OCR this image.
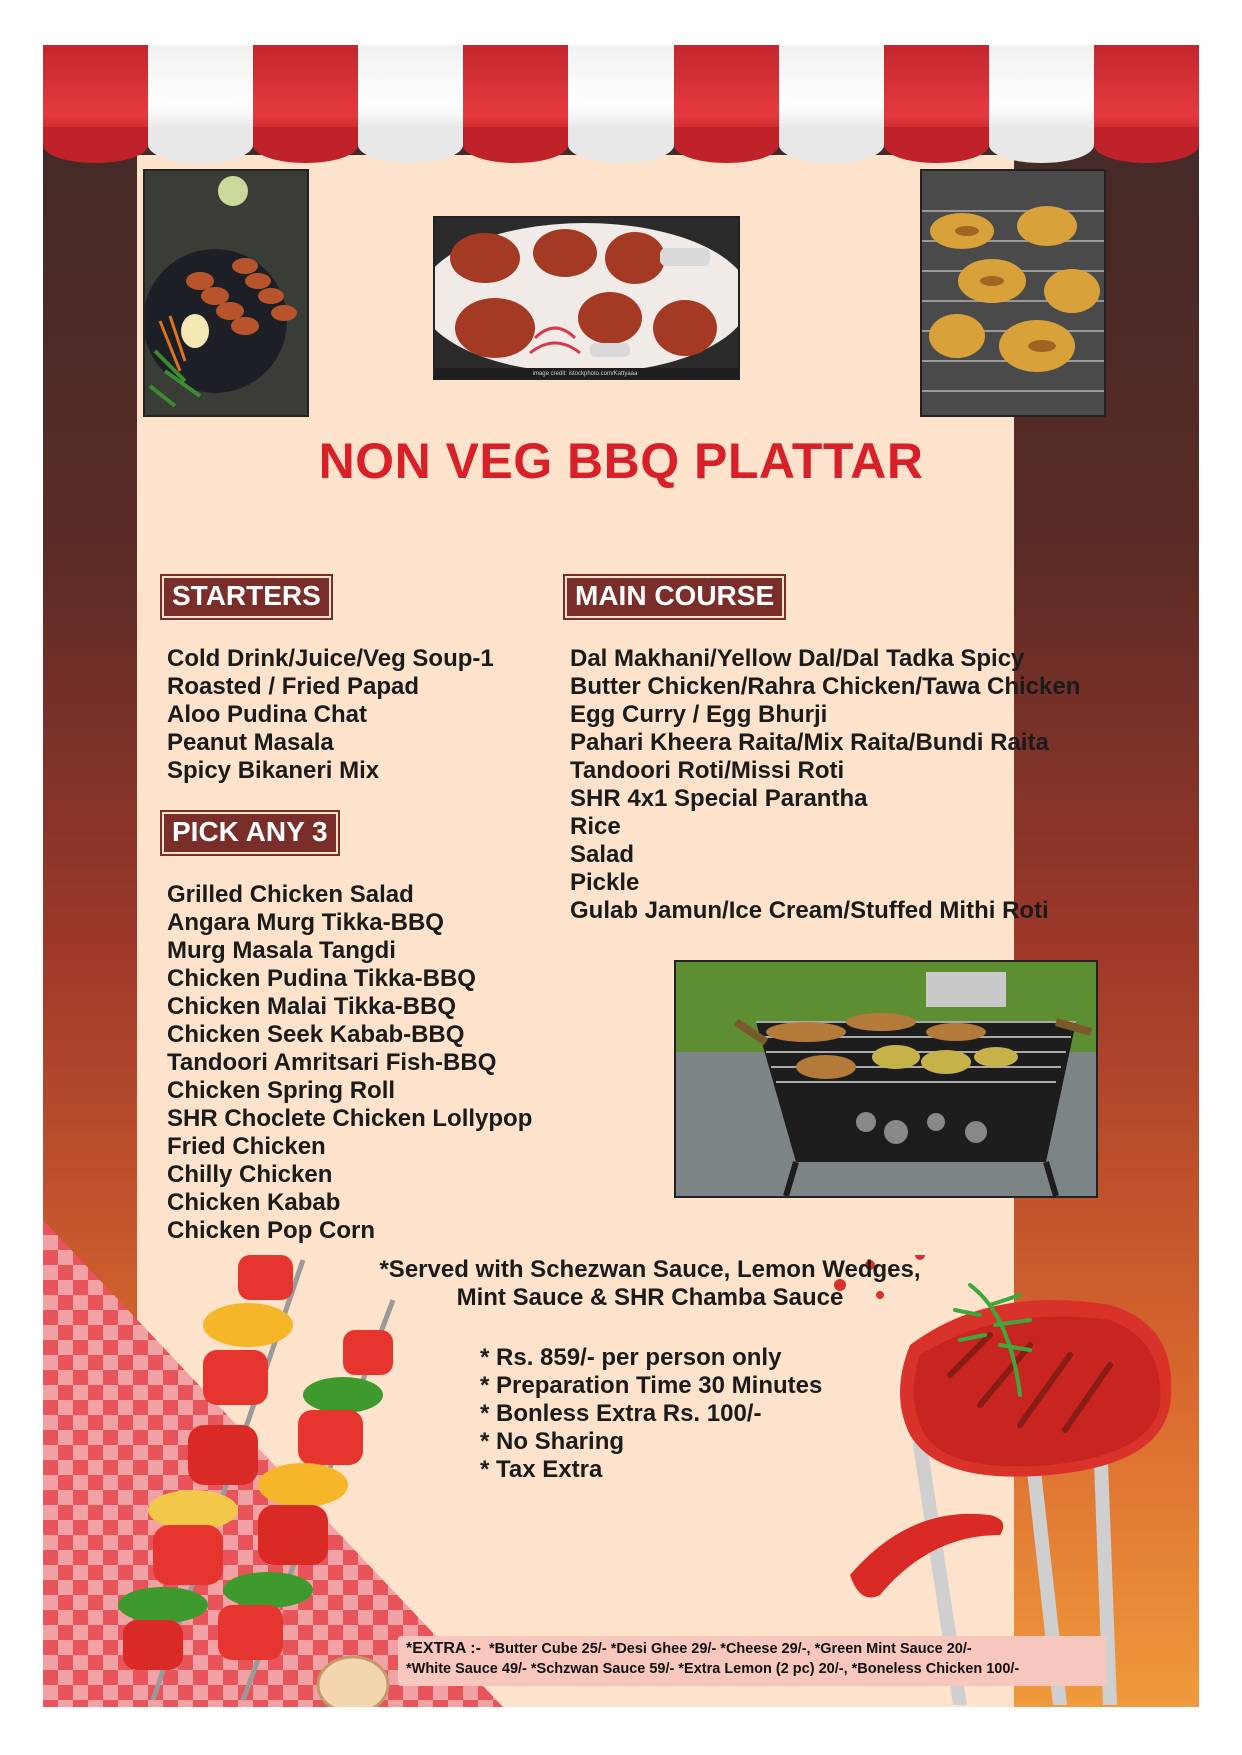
image credit: istockphoto.com/Kattyaaa
NON VEG BBQ PLATTAR
STARTERS
Cold Drink/Juice/Veg Soup-1
Roasted / Fried Papad
Aloo Pudina Chat
Peanut Masala
Spicy Bikaneri Mix
PICK ANY 3
Grilled Chicken Salad
Angara Murg Tikka-BBQ
Murg Masala Tangdi
Chicken Pudina Tikka-BBQ
Chicken Malai Tikka-BBQ
Chicken Seek Kabab-BBQ
Tandoori Amritsari Fish-BBQ
Chicken Spring Roll
SHR Choclete Chicken Lollypop
Fried Chicken
Chilly Chicken
Chicken Kabab
Chicken Pop Corn
MAIN COURSE
Dal Makhani/Yellow Dal/Dal Tadka Spicy
Butter Chicken/Rahra Chicken/Tawa Chicken
Egg Curry / Egg Bhurji
Pahari Kheera Raita/Mix Raita/Bundi Raita
Tandoori Roti/Missi Roti
SHR 4x1 Special Parantha
Rice
Salad
Pickle
Gulab Jamun/Ice Cream/Stuffed Mithi Roti
*Served with Schezwan Sauce, Lemon Wedges,
Mint Sauce & SHR Chamba Sauce
* Rs. 859/- per person only
* Preparation Time 30 Minutes
* Bonless Extra Rs. 100/-
* No Sharing
* Tax Extra
*EXTRA :- *Butter Cube 25/- *Desi Ghee 29/- *Cheese 29/-, *Green Mint Sauce 20/-
*White Sauce 49/- *Schzwan Sauce 59/- *Extra Lemon (2 pc) 20/-, *Boneless Chicken 100/-
